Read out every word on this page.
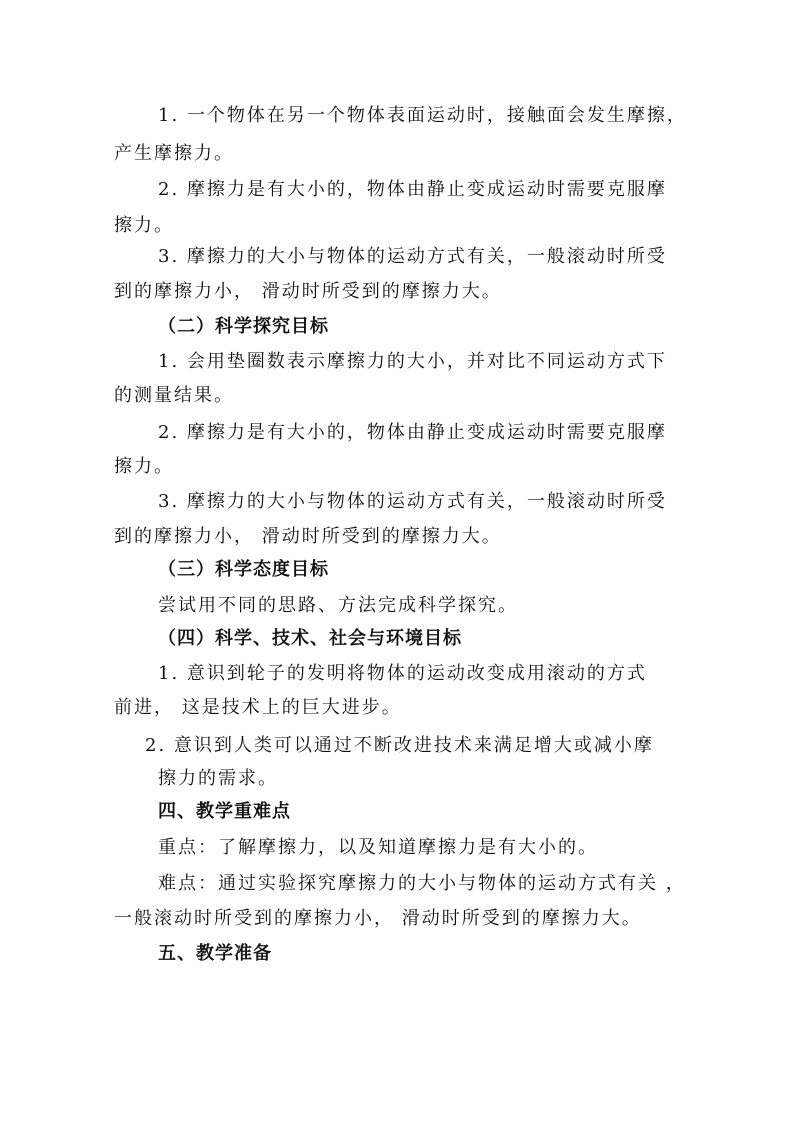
1. 一个物体在另一个物体表面运动时，接触面会发生摩擦，
产生摩擦力。
2. 摩擦力是有大小的，物体由静止变成运动时需要克服摩
擦力。
3. 摩擦力的大小与物体的运动方式有关，一般滚动时所受
到的摩擦力小， 滑动时所受到的摩擦力大。
（二）科学探究目标
1. 会用垫圈数表示摩擦力的大小，并对比不同运动方式下
的测量结果。
2. 摩擦力是有大小的，物体由静止变成运动时需要克服摩
擦力。
3. 摩擦力的大小与物体的运动方式有关，一般滚动时所受
到的摩擦力小， 滑动时所受到的摩擦力大。
（三）科学态度目标
尝试用不同的思路、方法完成科学探究。
（四）科学、技术、社会与环境目标
1. 意识到轮子的发明将物体的运动改变成用滚动的方式
前进， 这是技术上的巨大进步。
2. 意识到人类可以通过不断改进技术来满足增大或减小摩
擦力的需求。
四、教学重难点
重点：了解摩擦力，以及知道摩擦力是有大小的。
难点：通过实验探究摩擦力的大小与物体的运动方式有关 ，
一般滚动时所受到的摩擦力小， 滑动时所受到的摩擦力大。
五、教学准备
